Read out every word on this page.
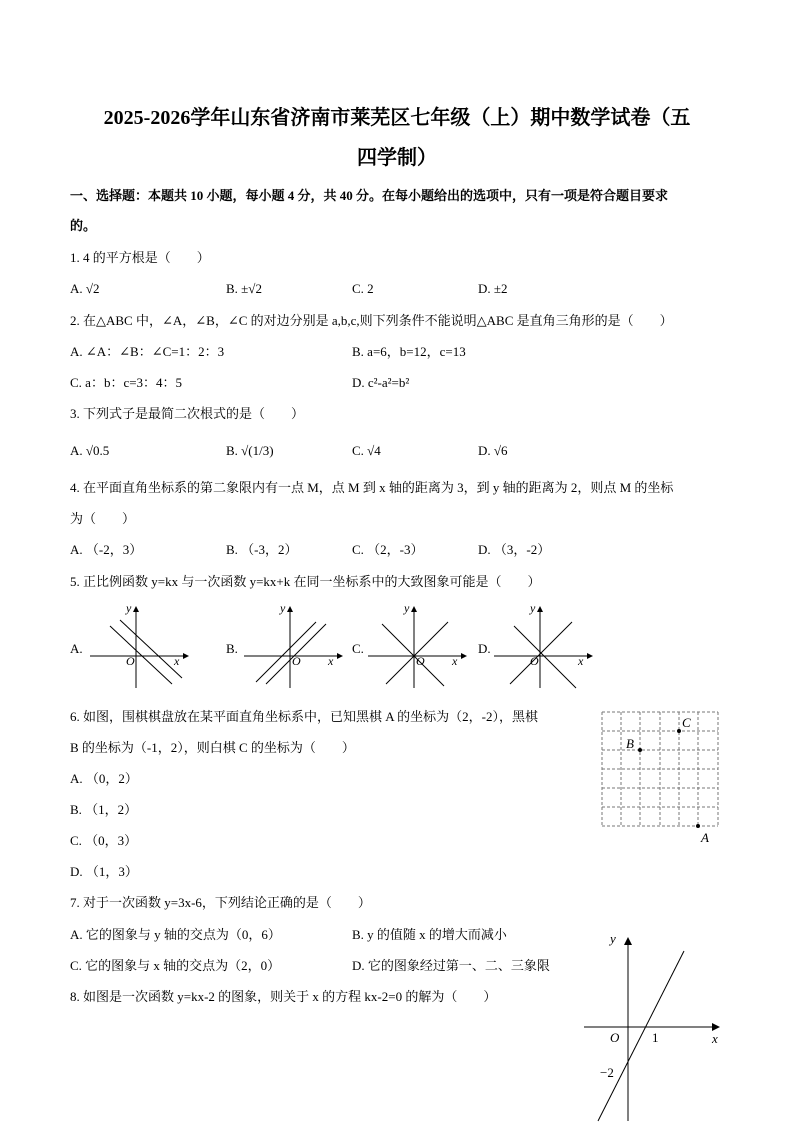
2025-2026学年山东省济南市莱芜区七年级（上）期中数学试卷（五
四学制）
一、选择题：本题共 10 小题，每小题 4 分，共 40 分。在每小题给出的选项中，只有一项是符合题目要求
的。
1. 4 的平方根是（　　）
A. √2	B. ±√2	C. 2	D. ±2
2. 在△ABC 中，∠A，∠B，∠C 的对边分别是 a,b,c,则下列条件不能说明△ABC 是直角三角形的是（　　）
A. ∠A：∠B：∠C=1：2：3	B. a=6，b=12，c=13
C. a：b：c=3：4：5	D. c²-a²=b²
3. 下列式子是最简二次根式的是（　　）
A. √0.5	B. √(1/3)	C. √4	D. √6
4. 在平面直角坐标系的第二象限内有一点 M，点 M 到 x 轴的距离为 3，到 y 轴的距离为 2，则点 M 的坐标
为（　　）
A. （-2，3）	B. （-3，2）	C. （2，-3）	D. （3，-2）
5. 正比例函数 y=kx 与一次函数 y=kx+k 在同一坐标系中的大致图象可能是（　　）
A.	B.	C.	D.
O	x
y
O x
y
O x
y
O	x
y
6. 如图，围棋棋盘放在某平面直角坐标系中，已知黑棋 A 的坐标为（2，-2），黑棋
B 的坐标为（-1，2），则白棋 C 的坐标为（　　）
A. （0，2）
B. （1，2）
C. （0，3）
D. （1，3）
B
C
A
7. 对于一次函数 y=3x-6，下列结论正确的是（　　）
A. 它的图象与 y 轴的交点为（0，6）	B. y 的值随 x 的增大而减小
C. 它的图象与 x 轴的交点为（2，0）	D. 它的图象经过第一、二、三象限
8. 如图是一次函数 y=kx-2 的图象，则关于 x 的方程 kx-2=0 的解为（　　）
y
x
O	1
−2
